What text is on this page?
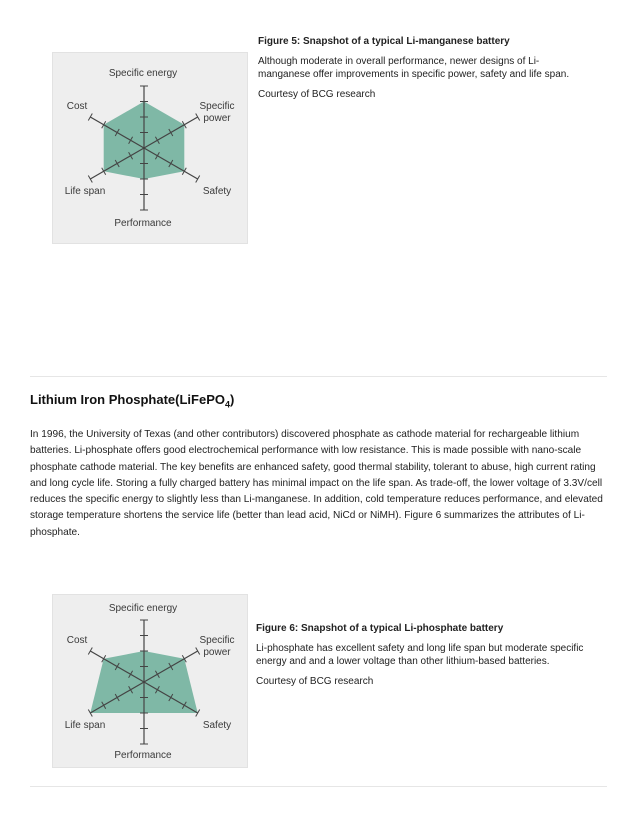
Specific energy
Specific power
Safety
Performance
Life span
Cost
Figure 5: Snapshot of a typical Li-manganese battery
Although moderate in overall performance, newer designs of Li-manganese offer improvements in specific power, safety and life span.
Courtesy of BCG research
Lithium Iron Phosphate(LiFePO$_4$)
In 1996, the University of Texas (and other contributors) discovered phosphate as cathode material for rechargeable lithium batteries. Li-phosphate offers good electrochemical performance with low resistance. This is made possible with nano-scale phosphate cathode material. The key benefits are enhanced safety, good thermal stability, tolerant to abuse, high current rating and long cycle life. Storing a fully charged battery has minimal impact on the life span. As trade-off, the lower voltage of 3.3V/cell reduces the specific energy to slightly less than Li-manganese. In addition, cold temperature reduces performance, and elevated storage temperature shortens the service life (better than lead acid, NiCd or NiMH). Figure 6 summarizes the attributes of Li-phosphate.
Specific energy
Specific power
Safety
Performance
Life span
Cost
Figure 6: Snapshot of a typical Li-phosphate battery
Li-phosphate has excellent safety and long life span but moderate specific energy and and a lower voltage than other lithium-based batteries.
Courtesy of BCG research
